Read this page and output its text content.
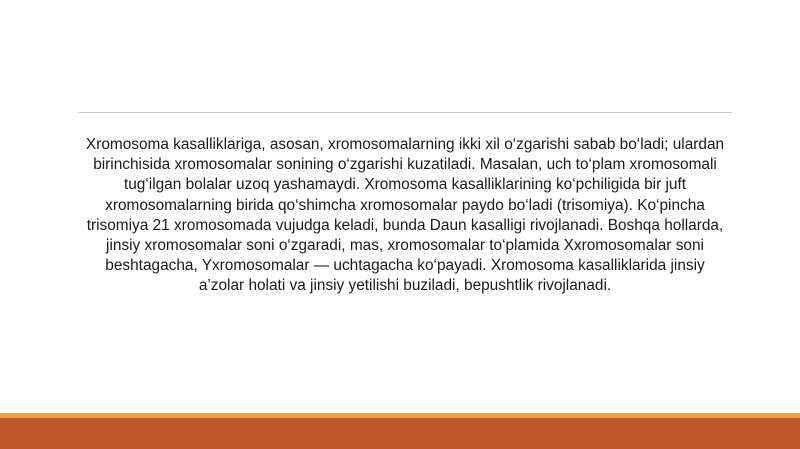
Xromosoma kasalliklariga, asosan, xromosomalarning ikki xil o‘zgarishi sabab bo‘ladi; ulardan birinchisida xromosomalar sonining o‘zgarishi kuzatiladi. Masalan, uch to‘plam xromosomali tug‘ilgan bolalar uzoq yashamaydi. Xromosoma kasalliklarining ko‘pchiligida bir juft xromosomalarning birida qo‘shimcha xromosomalar paydo bo‘ladi (trisomiya). Ko‘pincha trisomiya 21 xromosomada vujudga keladi, bunda Daun kasalligi rivojlanadi. Boshqa hollarda, jinsiy xromosomalar soni o‘zgaradi, mas, xromosomalar to‘plamida Xxromosomalar soni beshtagacha, Yxromosomalar — uchtagacha ko‘payadi. Xromosoma kasalliklarida jinsiy a’zolar holati va jinsiy yetilishi buziladi, bepushtlik rivojlanadi.
